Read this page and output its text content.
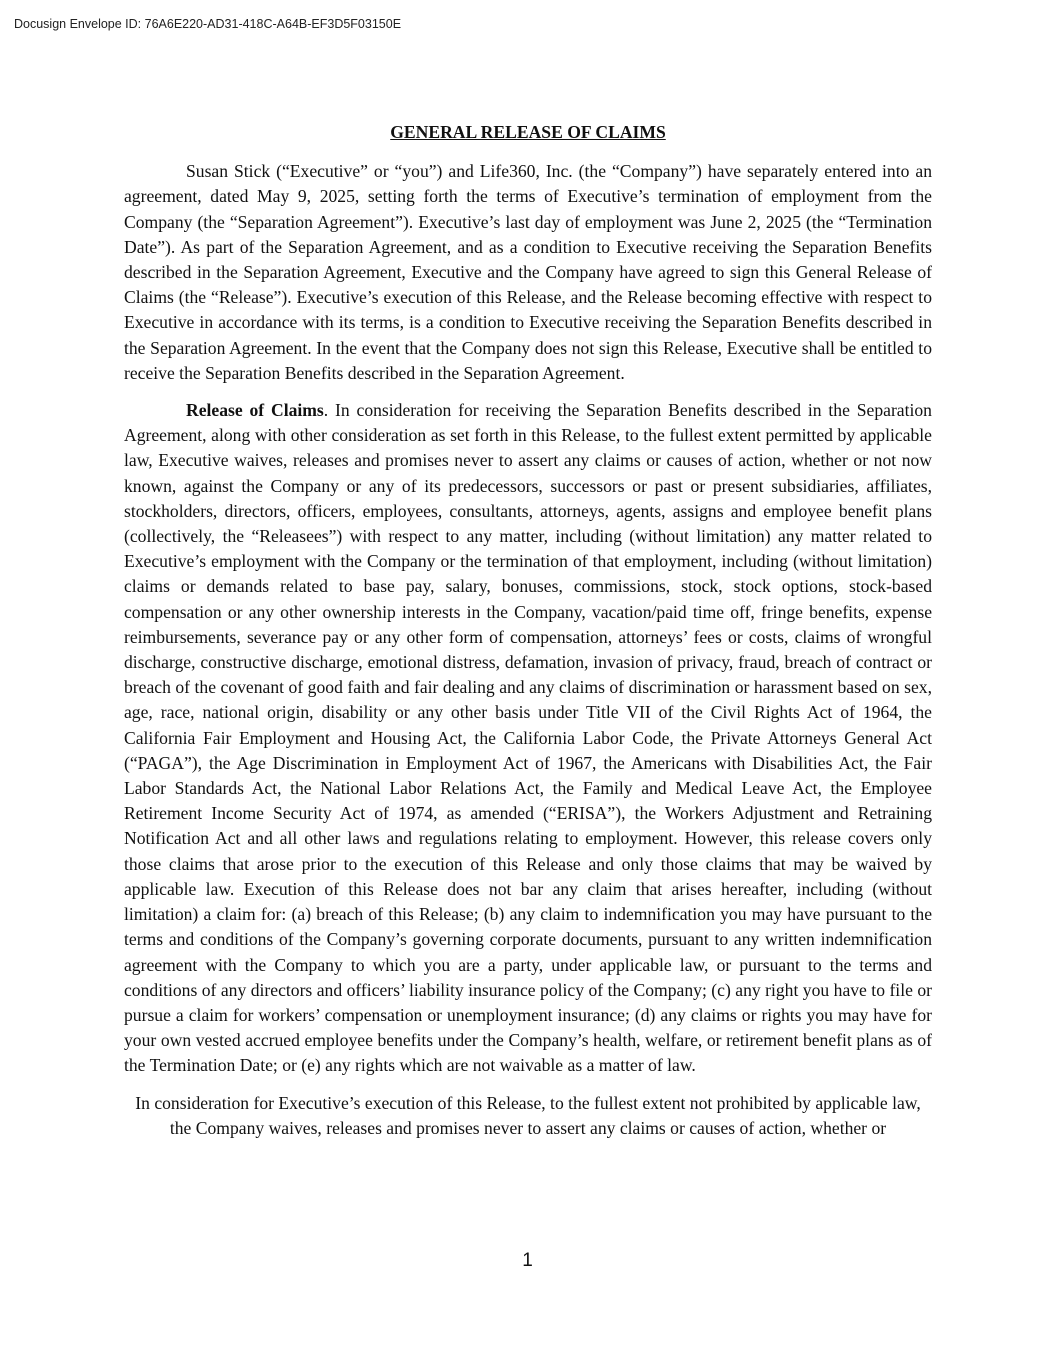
Docusign Envelope ID: 76A6E220-AD31-418C-A64B-EF3D5F03150E
GENERAL RELEASE OF CLAIMS

Susan Stick (“Executive” or “you”) and Life360, Inc. (the “Company”) have separately entered into an agreement, dated May 9, 2025, setting forth the terms of Executive’s termination of employment from the Company (the “Separation Agreement”). Executive’s last day of employment was June 2, 2025 (the “Termination Date”). As part of the Separation Agreement, and as a condition to Executive receiving the Separation Benefits described in the Separation Agreement, Executive and the Company have agreed to sign this General Release of Claims (the “Release”). Executive’s execution of this Release, and the Release becoming effective with respect to Executive in accordance with its terms, is a condition to Executive receiving the Separation Benefits described in the Separation Agreement. In the event that the Company does not sign this Release, Executive shall be entitled to receive the Separation Benefits described in the Separation Agreement.

Release of Claims. In consideration for receiving the Separation Benefits described in the Separation Agreement, along with other consideration as set forth in this Release, to the fullest extent permitted by applicable law, Executive waives, releases and promises never to assert any claims or causes of action, whether or not now known, against the Company or any of its predecessors, successors or past or present subsidiaries, affiliates, stockholders, directors, officers, employees, consultants, attorneys, agents, assigns and employee benefit plans (collectively, the “Releasees”) with respect to any matter, including (without limitation) any matter related to Executive’s employment with the Company or the termination of that employment, including (without limitation) claims or demands related to base pay, salary, bonuses, commissions, stock, stock options, stock-based compensation or any other ownership interests in the Company, vacation/paid time off, fringe benefits, expense reimbursements, severance pay or any other form of compensation, attorneys’ fees or costs, claims of wrongful discharge, constructive discharge, emotional distress, defamation, invasion of privacy, fraud, breach of contract or breach of the covenant of good faith and fair dealing and any claims of discrimination or harassment based on sex, age, race, national origin, disability or any other basis under Title VII of the Civil Rights Act of 1964, the California Fair Employment and Housing Act, the California Labor Code, the Private Attorneys General Act (“PAGA”), the Age Discrimination in Employment Act of 1967, the Americans with Disabilities Act, the Fair Labor Standards Act, the National Labor Relations Act, the Family and Medical Leave Act, the Employee Retirement Income Security Act of 1974, as amended (“ERISA”), the Workers Adjustment and Retraining Notification Act and all other laws and regulations relating to employment. However, this release covers only those claims that arose prior to the execution of this Release and only those claims that may be waived by applicable law. Execution of this Release does not bar any claim that arises hereafter, including (without limitation) a claim for: (a) breach of this Release; (b) any claim to indemnification you may have pursuant to the terms and conditions of the Company’s governing corporate documents, pursuant to any written indemnification agreement with the Company to which you are a party, under applicable law, or pursuant to the terms and conditions of any directors and officers’ liability insurance policy of the Company; (c) any right you have to file or pursue a claim for workers’ compensation or unemployment insurance; (d) any claims or rights you may have for your own vested accrued employee benefits under the Company’s health, welfare, or retirement benefit plans as of the Termination Date; or (e) any rights which are not waivable as a matter of law.

In consideration for Executive’s execution of this Release, to the fullest extent not prohibited by applicable law, the Company waives, releases and promises never to assert any claims or causes of action, whether or

1
